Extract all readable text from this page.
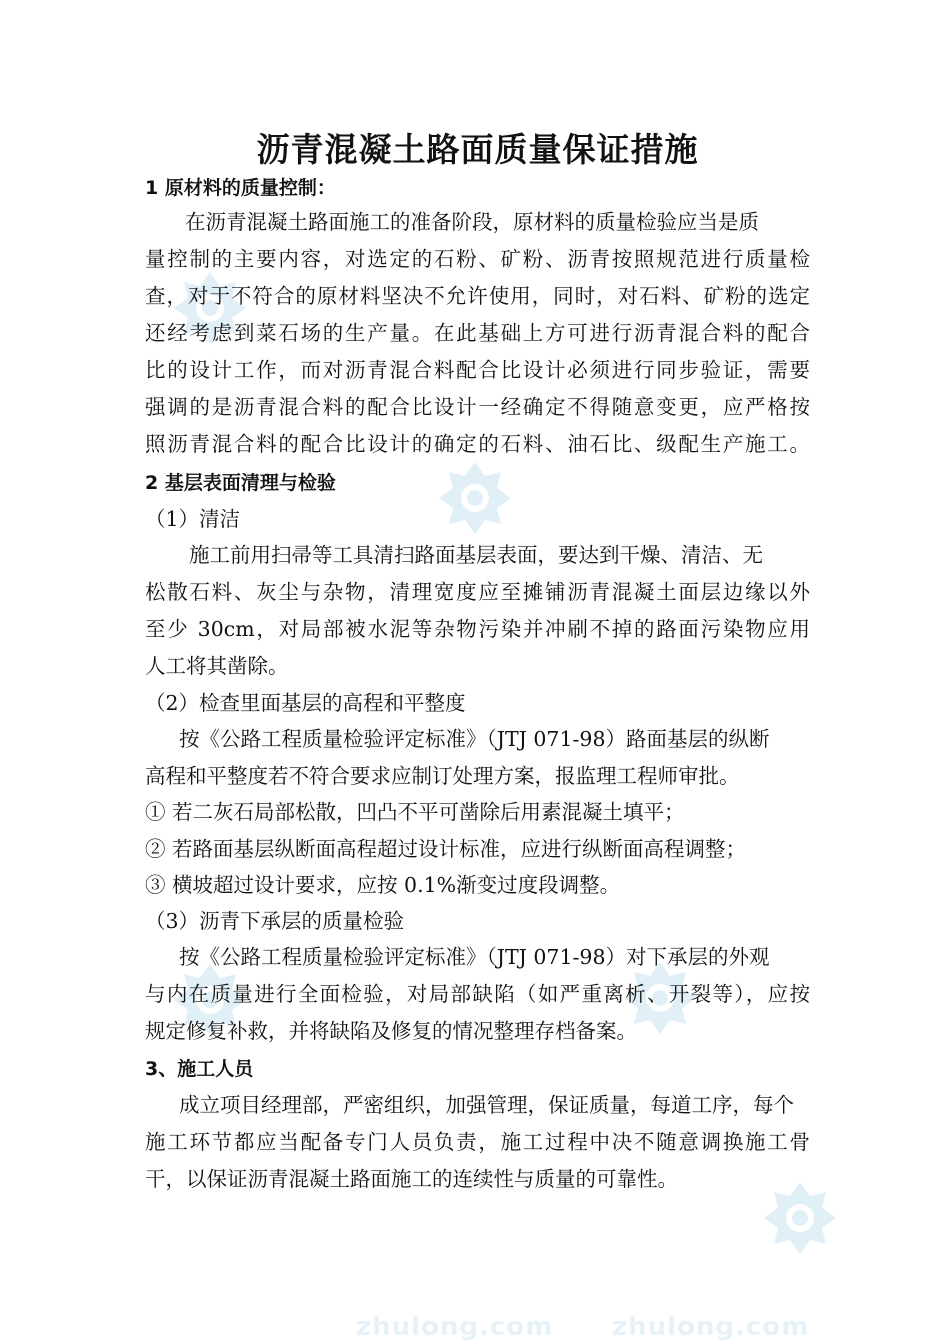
zhulong.com zhulong.com
沥青混凝土路面质量保证措施
1 原材料的质量控制：
在沥青混凝土路面施工的准备阶段，原材料的质量检验应当是质
量控制的主要内容，对选定的石粉、矿粉、沥青按照规范进行质量检
查，对于不符合的原材料坚决不允许使用，同时，对石料、矿粉的选定
还经考虑到菜石场的生产量。在此基础上方可进行沥青混合料的配合
比的设计工作，而对沥青混合料配合比设计必须进行同步验证，需要
强调的是沥青混合料的配合比设计一经确定不得随意变更，应严格按
照沥青混合料的配合比设计的确定的石料、油石比、级配生产施工。
2 基层表面清理与检验
（1）清洁
施工前用扫帚等工具清扫路面基层表面，要达到干燥、清洁、无
松散石料、灰尘与杂物，清理宽度应至摊铺沥青混凝土面层边缘以外
至少 30cm，对局部被水泥等杂物污染并冲刷不掉的路面污染物应用
人工将其凿除。
（2）检查里面基层的高程和平整度
按《公路工程质量检验评定标准》（JTJ 071-98）路面基层的纵断
高程和平整度若不符合要求应制订处理方案，报监理工程师审批。
① 若二灰石局部松散，凹凸不平可凿除后用素混凝土填平；
② 若路面基层纵断面高程超过设计标准，应进行纵断面高程调整；
③ 横坡超过设计要求，应按 0.1%渐变过度段调整。
（3）沥青下承层的质量检验
按《公路工程质量检验评定标准》（JTJ 071-98）对下承层的外观
与内在质量进行全面检验，对局部缺陷（如严重离析、开裂等），应按
规定修复补救，并将缺陷及修复的情况整理存档备案。
3、施工人员
成立项目经理部，严密组织，加强管理，保证质量，每道工序，每个
施工环节都应当配备专门人员负责，施工过程中决不随意调换施工骨
干，以保证沥青混凝土路面施工的连续性与质量的可靠性。
